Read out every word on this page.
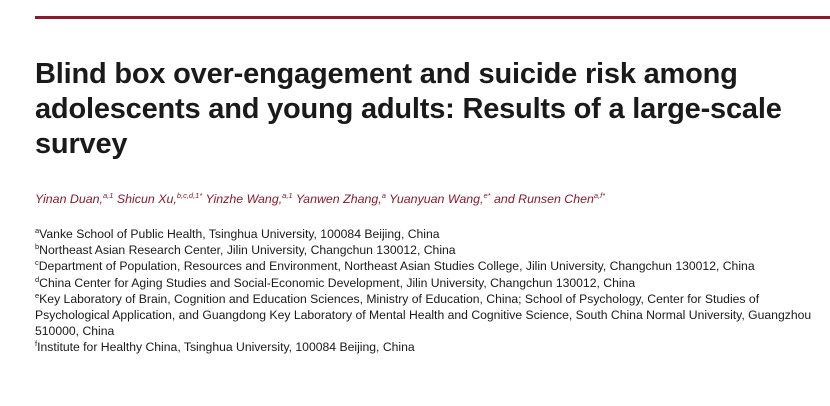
Blind box over-engagement and suicide risk among adolescents and young adults: Results of a large-scale survey

Yinan Duan,$^{a,1}$ Shicun Xu,$^{b,c,d,1*}$ Yinzhe Wang,$^{a,1}$ Yanwen Zhang,$^a$ Yuanyuan Wang,$^{e*}$ and Runsen Chen$^{a,f*}$

$^a$Vanke School of Public Health, Tsinghua University, 100084 Beijing, China
$^b$Northeast Asian Research Center, Jilin University, Changchun 130012, China
$^c$Department of Population, Resources and Environment, Northeast Asian Studies College, Jilin University, Changchun 130012, China
$^d$China Center for Aging Studies and Social-Economic Development, Jilin University, Changchun 130012, China
$^e$Key Laboratory of Brain, Cognition and Education Sciences, Ministry of Education, China; School of Psychology, Center for Studies of Psychological Application, and Guangdong Key Laboratory of Mental Health and Cognitive Science, South China Normal University, Guangzhou 510000, China
$^f$Institute for Healthy China, Tsinghua University, 100084 Beijing, China
